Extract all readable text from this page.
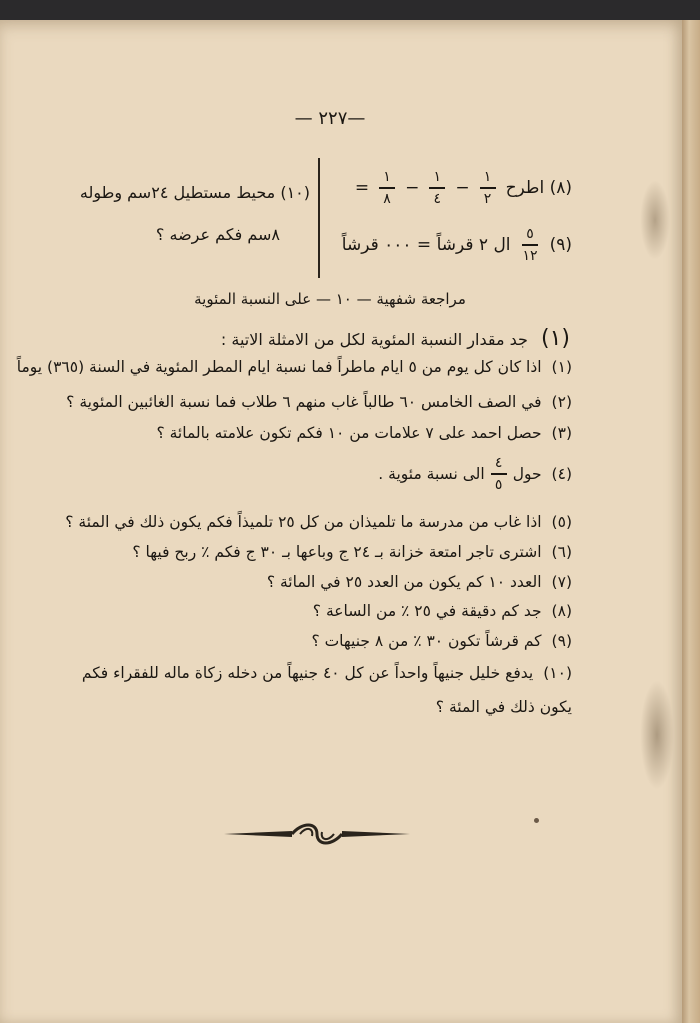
—٢٢٧ —
(٨) اطرح
$\frac{١}{٢}$
−
$\frac{١}{٤}$
−
$\frac{١}{٨}$
=
(٩)
$\frac{٥}{١٢}$
ال ٢ قرشاً = ٠٠٠ قرشاً
(١٠) محيط مستطيل ٢٤سم وطوله
٨سم فكم عرضه ؟
مراجعة شفهية — ١٠ — على النسبة المئوية
(١) جد مقدار النسبة المئوية لكل من الامثلة الاتية :
(١)اذا كان كل يوم من ٥ ايام ماطراً فما نسبة ايام المطر المئوية في السنة (٣٦٥) يوماً
(٢)في الصف الخامس ٦٠ طالباً غاب منهم ٦ طلاب فما نسبة الغائبين المئوية ؟
(٣)حصل احمد على ٧ علامات من ١٠ فكم تكون علامته بالمائة ؟
(٤)
حول
$\frac{٤}{٥}$
الى نسبة مئوية .
(٥)اذا غاب من مدرسة ما تلميذان من كل ٢٥ تلميذاً فكم يكون ذلك في المئة ؟
(٦)اشترى تاجر امتعة خزانة بـ ٢٤ ج وباعها بـ ٣٠ ج فكم ٪ ربح فيها ؟
(٧)العدد ١٠ كم يكون من العدد ٢٥ في المائة ؟
(٨)جد كم دقيقة في ٢٥ ٪ من الساعة ؟
(٩)كم قرشاً تكون ٣٠ ٪ من ٨ جنيهات ؟
(١٠)يدفع خليل جنيهاً واحداً عن كل ٤٠ جنيهاً من دخله زكاة ماله للفقراء فكم يكون ذلك في المئة ؟
